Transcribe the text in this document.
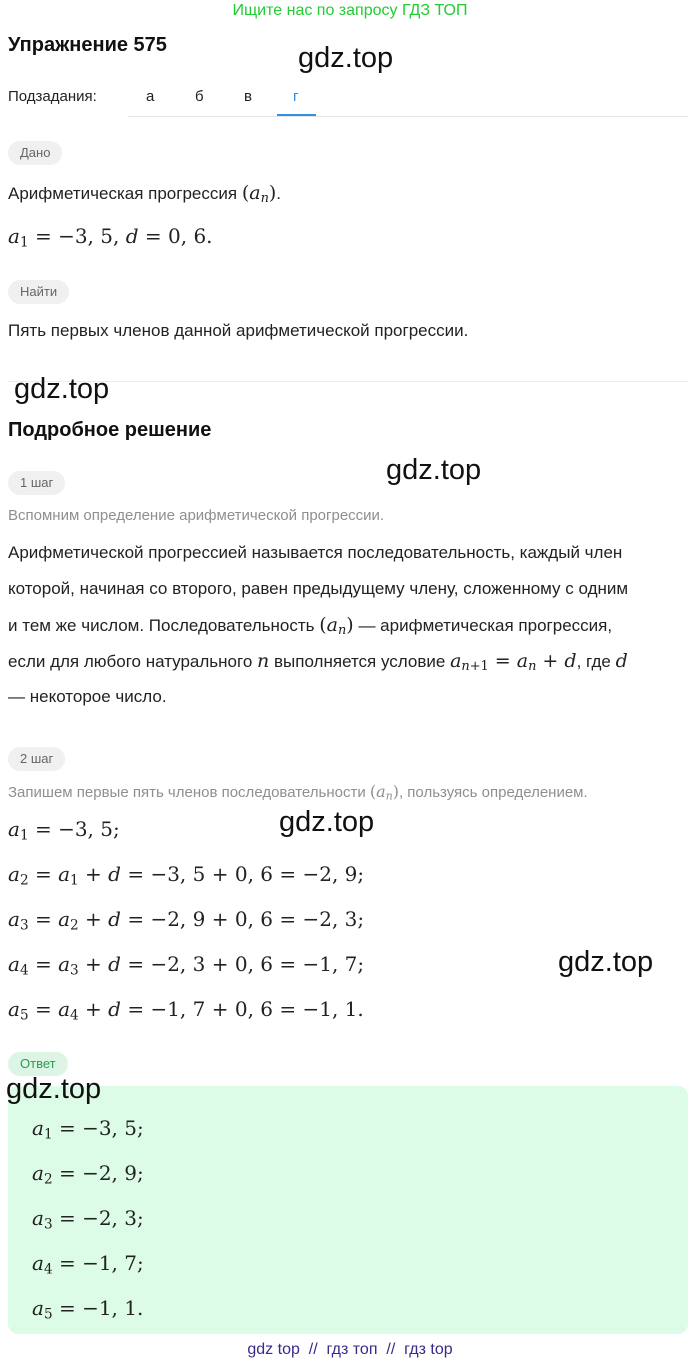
Ищите нас по запросу ГДЗ ТОП
Упражнение 575
Подзадания:	а	б	в	г
Дано
Арифметическая прогрессия $(a_n)$.
$a_1 = -3$, 5, d = 0, 6.
Найти
Пять первых членов данной арифметической прогрессии.
Подробное решение
1 шаг
Вспомним определение арифметической прогрессии.
Арифметической прогрессией называется последовательность, каждый член
которой, начиная со второго, равен предыдущему члену, сложенному с одним
и тем же числом. Последовательность $(a_n)$ — арифметическая прогрессия,
если для любого натурального n выполняется условие $a_{n+1} = a_n + d$, где d
— некоторое число.
2 шаг
Запишем первые пять членов последовательности $(a_n)$, пользуясь определением.
$a_1 = -3$, 5;
$a_2 = a_1 + d = -3$, 5 + 0, 6 = −2, 9;
$a_3 = a_2 + d = -2$, 9 + 0, 6 = −2, 3;
$a_4 = a_3 + d = -2$, 3 + 0, 6 = −1, 7;
$a_5 = a_4 + d = -1$, 7 + 0, 6 = −1, 1.
Ответ
$a_1 = -3$, 5;
$a_2 = -2$, 9;
$a_3 = -2$, 3;
$a_4 = -1$, 7;
$a_5 = -1$, 1.
gdz top  //  гдз топ  //  гдз top
gdz.top
gdz.top
gdz.top
gdz.top
gdz.top
gdz.top
